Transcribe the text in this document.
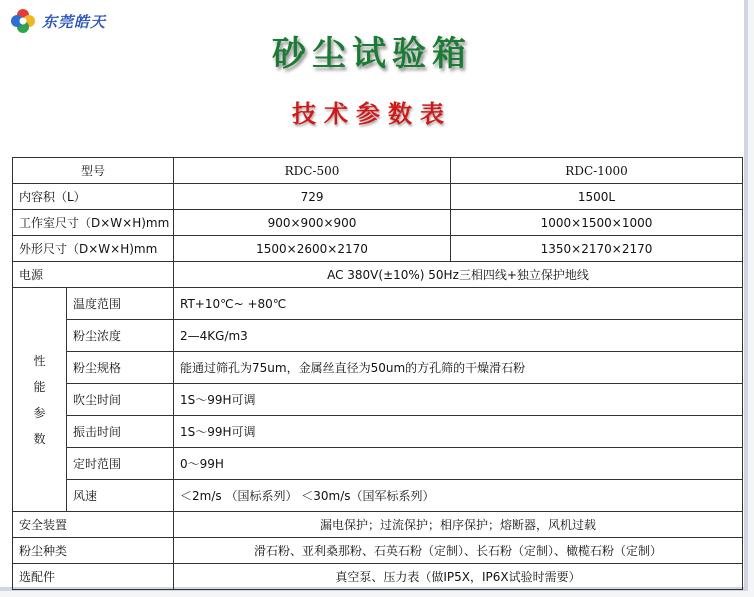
东莞皓天
砂尘试验箱
技术参数表
型号		RDC-500	RDC-1000
内容积（L）		729	1500L
工作室尺寸（D×W×H)mm		900×900×900	1000×1500×1000
外形尺寸（D×W×H)mm		1500×2600×2170	1350×2170×2170
电源		AC 380V(±10%) 50Hz三相四线+独立保护地线	

性
能
参
数	温度范围	RT+10℃~ +80℃	
	粉尘浓度	2—4KG/m3	
	粉尘规格	能通过筛孔为75um，金属丝直径为50um的方孔筛的干燥滑石粉	
	吹尘时间	1S～99H可调	
	振击时间	1S～99H可调	
	定时范围	0～99H	
	风速	＜2m/s （国标系列） ＜30m/s（国军标系列）	
安全装置		漏电保护；过流保护；相序保护；熔断器，风机过载	
粉尘种类		滑石粉、亚利桑那粉、石英石粉（定制）、长石粉（定制）、橄榄石粉（定制）	
选配件		真空泵、压力表（做IP5X，IP6X试验时需要）	
